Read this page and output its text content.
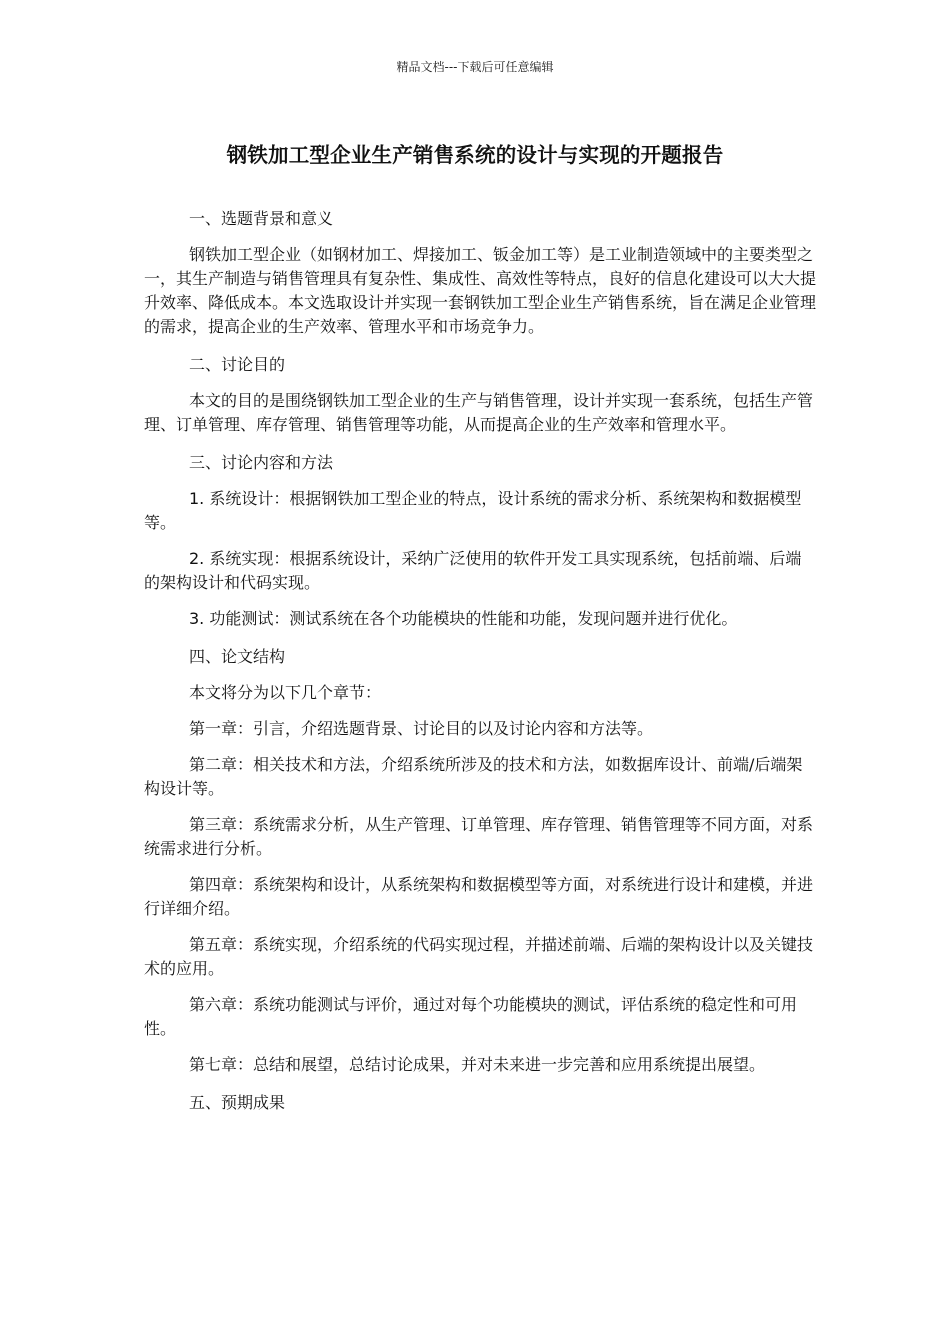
精品文档---下载后可任意编辑
钢铁加工型企业生产销售系统的设计与实现的开题报告

一、选题背景和意义

钢铁加工型企业（如钢材加工、焊接加工、钣金加工等）是工业制造领域中的主要类型之一，其生产制造与销售管理具有复杂性、集成性、高效性等特点，良好的信息化建设可以大大提升效率、降低成本。本文选取设计并实现一套钢铁加工型企业生产销售系统，旨在满足企业管理的需求，提高企业的生产效率、管理水平和市场竞争力。

二、讨论目的

本文的目的是围绕钢铁加工型企业的生产与销售管理，设计并实现一套系统，包括生产管理、订单管理、库存管理、销售管理等功能，从而提高企业的生产效率和管理水平。

三、讨论内容和方法

1. 系统设计：根据钢铁加工型企业的特点，设计系统的需求分析、系统架构和数据模型等。

2. 系统实现：根据系统设计，采纳广泛使用的软件开发工具实现系统，包括前端、后端的架构设计和代码实现。

3. 功能测试：测试系统在各个功能模块的性能和功能，发现问题并进行优化。

四、论文结构

本文将分为以下几个章节：

第一章：引言，介绍选题背景、讨论目的以及讨论内容和方法等。

第二章：相关技术和方法，介绍系统所涉及的技术和方法，如数据库设计、前端/后端架构设计等。

第三章：系统需求分析，从生产管理、订单管理、库存管理、销售管理等不同方面，对系统需求进行分析。

第四章：系统架构和设计，从系统架构和数据模型等方面，对系统进行设计和建模，并进行详细介绍。

第五章：系统实现，介绍系统的代码实现过程，并描述前端、后端的架构设计以及关键技术的应用。

第六章：系统功能测试与评价，通过对每个功能模块的测试，评估系统的稳定性和可用性。

第七章：总结和展望，总结讨论成果，并对未来进一步完善和应用系统提出展望。

五、预期成果
